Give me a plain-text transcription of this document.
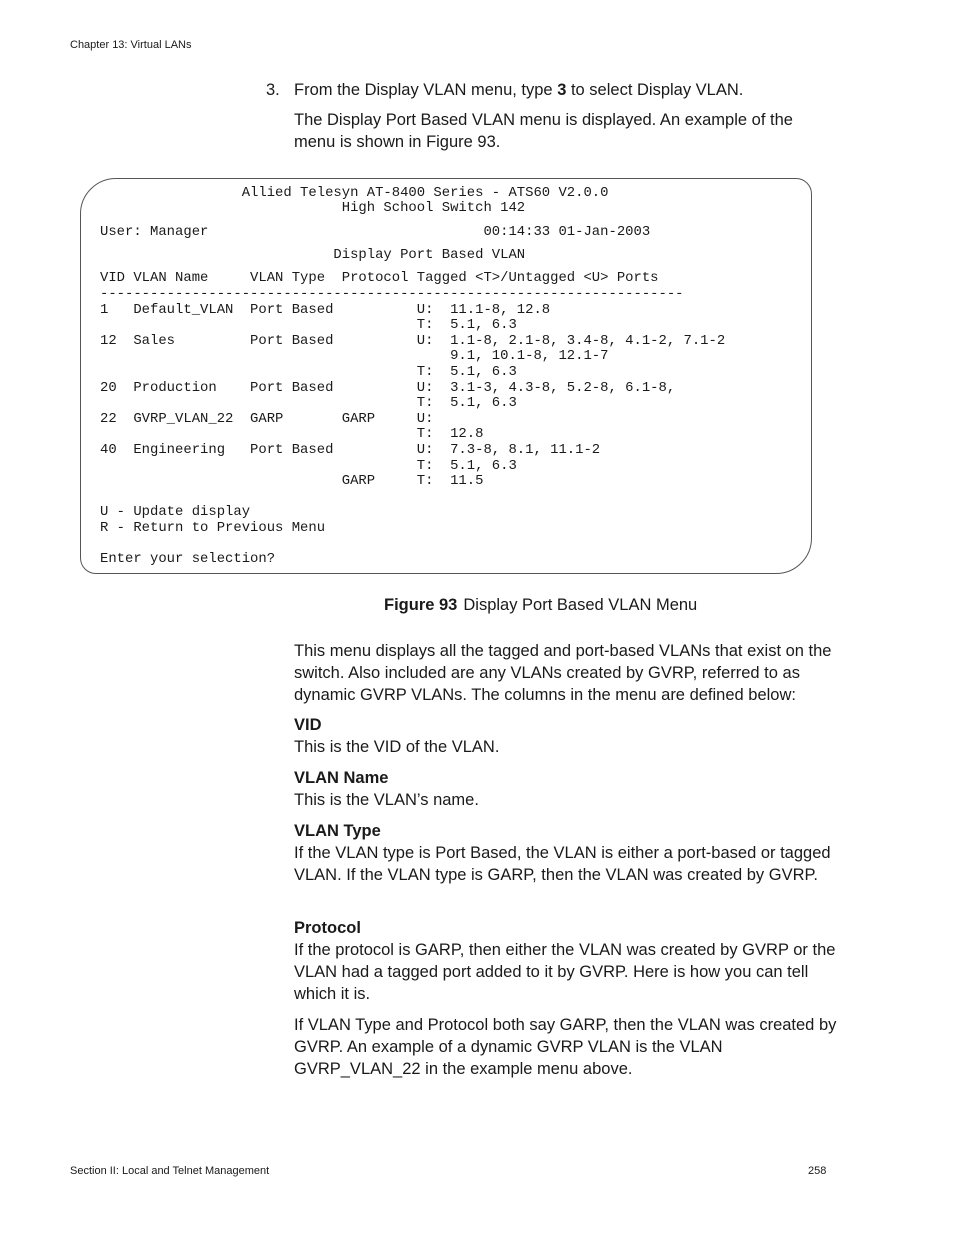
Chapter 13: Virtual LANs
3. From the Display VLAN menu, type 3 to select Display VLAN.
The Display Port Based VLAN menu is displayed. An example of the menu is shown in Figure 93.
Allied Telesyn AT-8400 Series - ATS60 V2.0.0
High School Switch 142
User: Manager                                 00:14:33 01-Jan-2003
Display Port Based VLAN
VID VLAN Name     VLAN Type  Protocol Tagged <T>/Untagged <U> Ports
----------------------------------------------------------------------
1   Default_VLAN  Port Based          U:  11.1-8, 12.8
T:  5.1, 6.3
12  Sales         Port Based          U:  1.1-8, 2.1-8, 3.4-8, 4.1-2, 7.1-2
9.1, 10.1-8, 12.1-7
T:  5.1, 6.3
20  Production    Port Based          U:  3.1-3, 4.3-8, 5.2-8, 6.1-8,
T:  5.1, 6.3
22  GVRP_VLAN_22  GARP       GARP     U:
T:  12.8
40  Engineering   Port Based          U:  7.3-8, 8.1, 11.1-2
T:  5.1, 6.3
GARP     T:  11.5
U - Update display
R - Return to Previous Menu
Enter your selection?
Figure 93 Display Port Based VLAN Menu

This menu displays all the tagged and port-based VLANs that exist on the switch. Also included are any VLANs created by GVRP, referred to as dynamic GVRP VLANs. The columns in the menu are defined below:

VID

This is the VID of the VLAN.

VLAN Name

This is the VLAN’s name.

VLAN Type

If the VLAN type is Port Based, the VLAN is either a port-based or tagged VLAN. If the VLAN type is GARP, then the VLAN was created by GVRP.

Protocol

If the protocol is GARP, then either the VLAN was created by GVRP or the VLAN had a tagged port added to it by GVRP. Here is how you can tell which it is.

If VLAN Type and Protocol both say GARP, then the VLAN was created by GVRP. An example of a dynamic GVRP VLAN is the VLAN GVRP_VLAN_22 in the example menu above.

Section II: Local and Telnet Management	258
